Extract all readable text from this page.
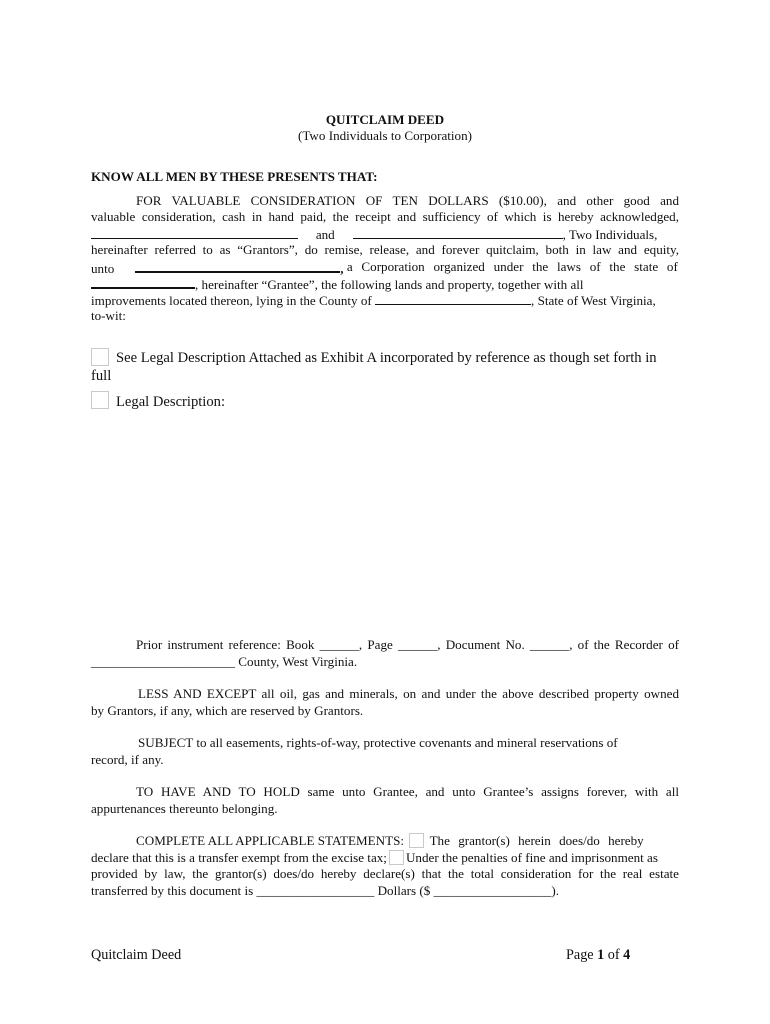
QUITCLAIM DEED
(Two Individuals to Corporation)
KNOW ALL MEN BY THESE PRESENTS THAT:
FOR VALUABLE CONSIDERATION OF TEN DOLLARS ($10.00), and other good and
valuable consideration, cash in hand paid, the receipt and sufficiency of which is hereby acknowledged,
and	, Two Individuals,
hereinafter referred to as “Grantors”, do remise, release, and forever quitclaim, both in law and equity,
unto	, a Corporation organized under the laws of the state of
, hereinafter “Grantee”, the following lands and property, together with all
improvements located thereon, lying in the County of	, State of West Virginia,
to-wit:
See Legal Description Attached as Exhibit A incorporated by reference as though set forth in
full
Legal Description:
Prior instrument reference: Book ______, Page ______, Document No. ______, of the Recorder of
______________________ County, West Virginia.
LESS AND EXCEPT all oil, gas and minerals, on and under the above described property owned
by Grantors, if any, which are reserved by Grantors.
SUBJECT to all easements, rights-of-way, protective covenants and mineral reservations of
record, if any.
TO HAVE AND TO HOLD same unto Grantee, and unto Grantee’s assigns forever, with all
appurtenances thereunto belonging.
COMPLETE ALL APPLICABLE STATEMENTS: The grantor(s) herein does/do hereby
declare that this is a transfer exempt from the excise tax; Under the penalties of fine and imprisonment as
provided by law, the grantor(s) does/do hereby declare(s) that the total consideration for the real estate
transferred by this document is __________________ Dollars ($ __________________).
Quitclaim Deed	Page 1 of 4
